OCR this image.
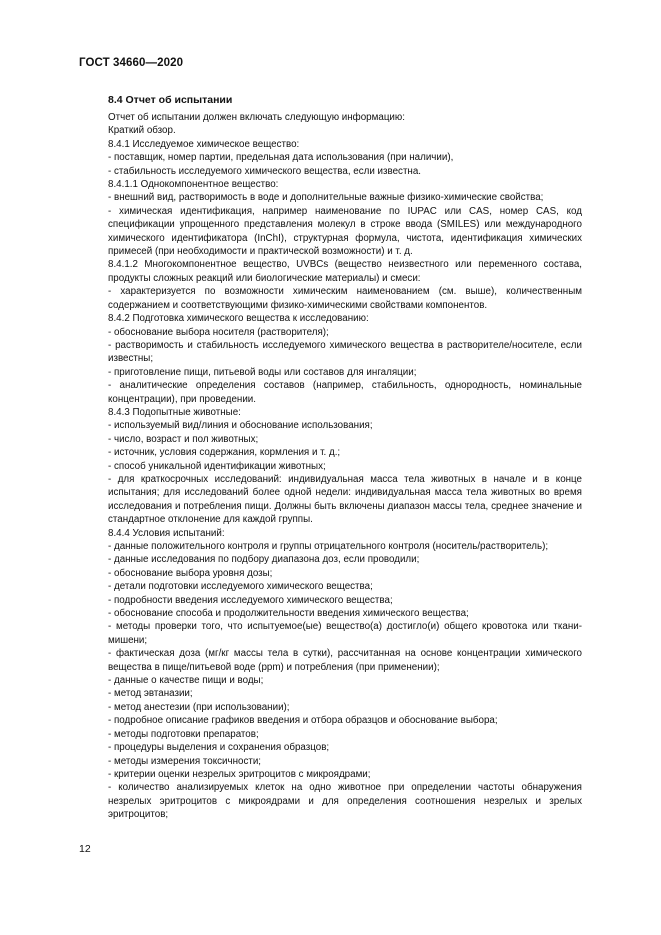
ГОСТ 34660—2020
8.4 Отчет об испытании

Отчет об испытании должен включать следующую информацию:

Краткий обзор.

8.4.1 Исследуемое химическое вещество:

- поставщик, номер партии, предельная дата использования (при наличии),

- стабильность исследуемого химического вещества, если известна.

8.4.1.1 Однокомпонентное вещество:

- внешний вид, растворимость в воде и дополнительные важные физико-химические свойства;

- химическая идентификация, например наименование по IUPAC или CAS, номер CAS, код спецификации упрощенного представления молекул в строке ввода (SMILES) или международного химического идентификатора (InChI), структурная формула, чистота, идентификация химических примесей (при необходимости и практической возможности) и т. д.

8.4.1.2 Многокомпонентное вещество, UVBCs (вещество неизвестного или переменного состава, продукты сложных реакций или биологические материалы) и смеси:

- характеризуется по возможности химическим наименованием (см. выше), количественным содержанием и соответствующими физико-химическими свойствами компонентов.

8.4.2 Подготовка химического вещества к исследованию:

- обоснование выбора носителя (растворителя);

- растворимость и стабильность исследуемого химического вещества в растворителе/носителе, если известны;

- приготовление пищи, питьевой воды или составов для ингаляции;

- аналитические определения составов (например, стабильность, однородность, номинальные концентрации), при проведении.

8.4.3 Подопытные животные:

- используемый вид/линия и обоснование использования;

- число, возраст и пол животных;

- источник, условия содержания, кормления и т. д.;

- способ уникальной идентификации животных;

- для краткосрочных исследований: индивидуальная масса тела животных в начале и в конце испытания; для исследований более одной недели: индивидуальная масса тела животных во время исследования и потребления пищи. Должны быть включены диапазон массы тела, среднее значение и стандартное отклонение для каждой группы.

8.4.4 Условия испытаний:

- данные положительного контроля и группы отрицательного контроля (носитель/растворитель);

- данные исследования по подбору диапазона доз, если проводили;

- обоснование выбора уровня дозы;

- детали подготовки исследуемого химического вещества;

- подробности введения исследуемого химического вещества;

- обоснование способа и продолжительности введения химического вещества;

- методы проверки того, что испытуемое(ые) вещество(а) достигло(и) общего кровотока или ткани-мишени;

- фактическая доза (мг/кг массы тела в сутки), рассчитанная на основе концентрации химического вещества в пище/питьевой воде (ppm) и потребления (при применении);

- данные о качестве пищи и воды;

- метод эвтаназии;

- метод анестезии (при использовании);

- подробное описание графиков введения и отбора образцов и обоснование выбора;

- методы подготовки препаратов;

- процедуры выделения и сохранения образцов;

- методы измерения токсичности;

- критерии оценки незрелых эритроцитов с микроядрами;

- количество анализируемых клеток на одно животное при определении частоты обнаружения незрелых эритроцитов с микроядрами и для определения соотношения незрелых и зрелых эритроцитов;

12
